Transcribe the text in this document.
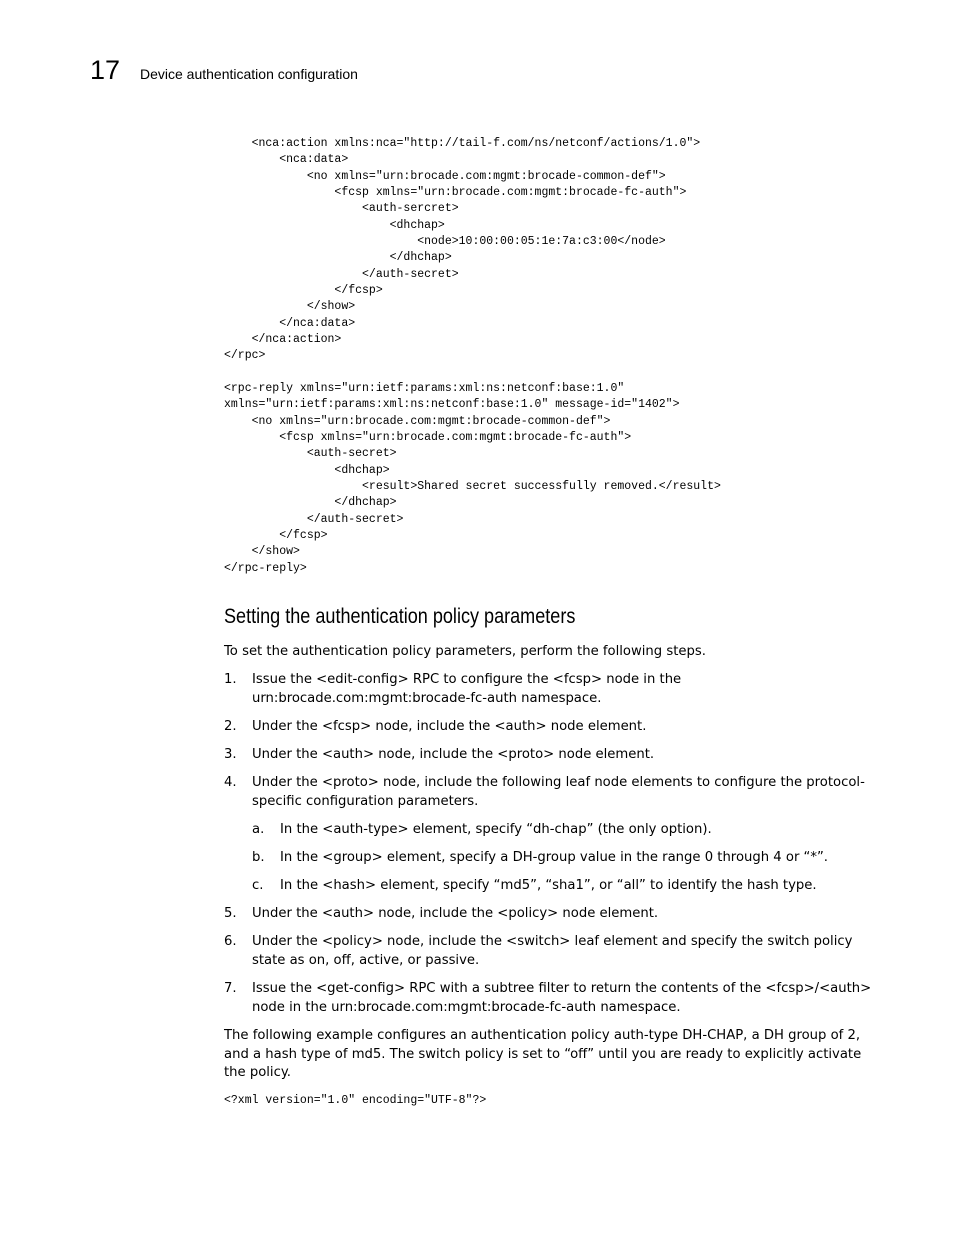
17 Device authentication configuration
<nca:action xmlns:nca="http://tail-f.com/ns/netconf/actions/1.0">
<nca:data>
<no xmlns="urn:brocade.com:mgmt:brocade-common-def">
<fcsp xmlns="urn:brocade.com:mgmt:brocade-fc-auth">
<auth-sercret>
<dhchap>
<node>10:00:00:05:1e:7a:c3:00</node>
</dhchap>
</auth-secret>
</fcsp>
</show>
</nca:data>
</nca:action>
</rpc>
<rpc-reply xmlns="urn:ietf:params:xml:ns:netconf:base:1.0"
xmlns="urn:ietf:params:xml:ns:netconf:base:1.0" message-id="1402">
<no xmlns="urn:brocade.com:mgmt:brocade-common-def">
<fcsp xmlns="urn:brocade.com:mgmt:brocade-fc-auth">
<auth-secret>
<dhchap>
<result>Shared secret successfully removed.</result>
</dhchap>
</auth-secret>
</fcsp>
</show>
</rpc-reply>
Setting the authentication policy parameters

To set the authentication policy parameters, perform the following steps.

1. Issue the <edit-config> RPC to configure the <fcsp> node in the urn:brocade.com:mgmt:brocade-fc-auth namespace.

2. Under the <fcsp> node, include the <auth> node element.

3. Under the <auth> node, include the <proto> node element.

4. Under the <proto> node, include the following leaf node elements to configure the protocol-specific configuration parameters.

a. In the <auth-type> element, specify “dh-chap” (the only option).

b. In the <group> element, specify a DH-group value in the range 0 through 4 or “*”.

c. In the <hash> element, specify “md5”, “sha1”, or “all” to identify the hash type.

5. Under the <auth> node, include the <policy> node element.

6. Under the <policy> node, include the <switch> leaf element and specify the switch policy state as on, off, active, or passive.

7. Issue the <get-config> RPC with a subtree filter to return the contents of the <fcsp>/<auth> node in the urn:brocade.com:mgmt:brocade-fc-auth namespace.

The following example configures an authentication policy auth-type DH-CHAP, a DH group of 2, and a hash type of md5. The switch policy is set to “off” until you are ready to explicitly activate the policy.

<?xml version="1.0" encoding="UTF-8"?>
